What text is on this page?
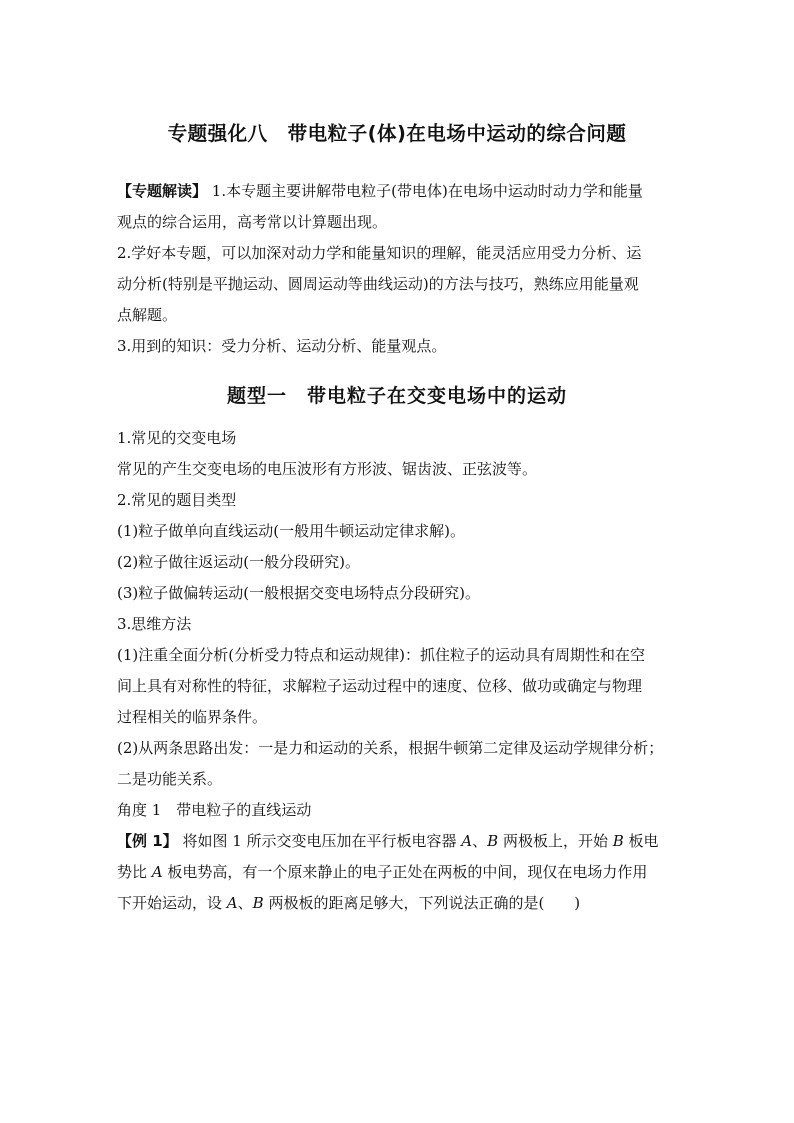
专题强化八　带电粒子(体)在电场中运动的综合问题
【专题解读】 1.本专题主要讲解带电粒子(带电体)在电场中运动时动力学和能量
观点的综合运用，高考常以计算题出现。
2.学好本专题，可以加深对动力学和能量知识的理解，能灵活应用受力分析、运
动分析(特别是平抛运动、圆周运动等曲线运动)的方法与技巧，熟练应用能量观
点解题。
3.用到的知识：受力分析、运动分析、能量观点。
题型一　带电粒子在交变电场中的运动
1.常见的交变电场
常见的产生交变电场的电压波形有方形波、锯齿波、正弦波等。
2.常见的题目类型
(1)粒子做单向直线运动(一般用牛顿运动定律求解)。
(2)粒子做往返运动(一般分段研究)。
(3)粒子做偏转运动(一般根据交变电场特点分段研究)。
3.思维方法
(1)注重全面分析(分析受力特点和运动规律)：抓住粒子的运动具有周期性和在空
间上具有对称性的特征，求解粒子运动过程中的速度、位移、做功或确定与物理
过程相关的临界条件。
(2)从两条思路出发：一是力和运动的关系，根据牛顿第二定律及运动学规律分析；
二是功能关系。
角度 1　带电粒子的直线运动
【例 1】 将如图 1 所示交变电压加在平行板电容器 A、B 两极板上，开始 B 板电
势比 A 板电势高，有一个原来静止的电子正处在两板的中间，现仅在电场力作用
下开始运动，设 A、B 两极板的距离足够大，下列说法正确的是(　　)
